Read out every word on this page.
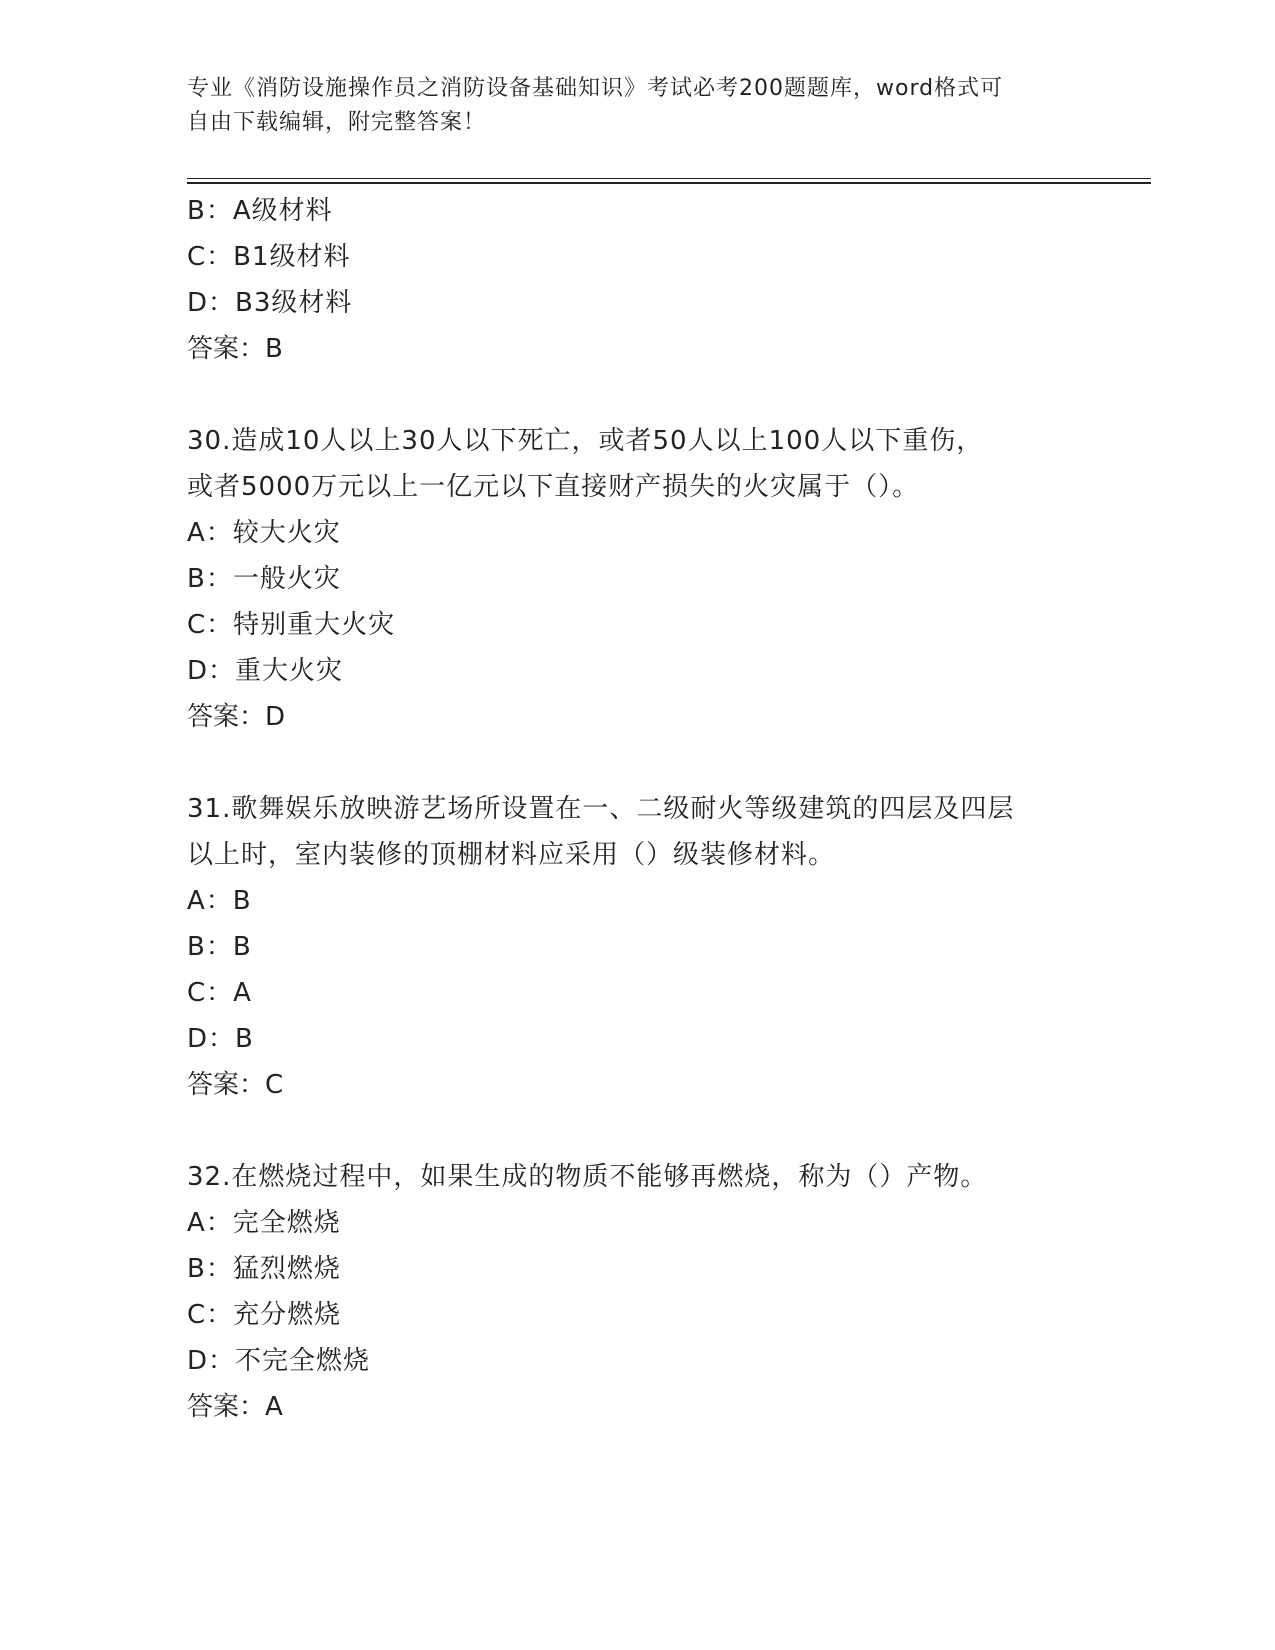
专业《消防设施操作员之消防设备基础知识》考试必考200题题库，word格式可
自由下载编辑，附完整答案！
B：A级材料
C：B1级材料
D：B3级材料
答案：B
30.造成10人以上30人以下死亡，或者50人以上100人以下重伤，
或者5000万元以上一亿元以下直接财产损失的火灾属于（）。
A：较大火灾
B：一般火灾
C：特别重大火灾
D：重大火灾
答案：D
31.歌舞娱乐放映游艺场所设置在一、二级耐火等级建筑的四层及四层
以上时，室内装修的顶棚材料应采用（）级装修材料。
A：B
B：B
C：A
D：B
答案：C
32.在燃烧过程中，如果生成的物质不能够再燃烧，称为（）产物。
A：完全燃烧
B：猛烈燃烧
C：充分燃烧
D：不完全燃烧
答案：A
